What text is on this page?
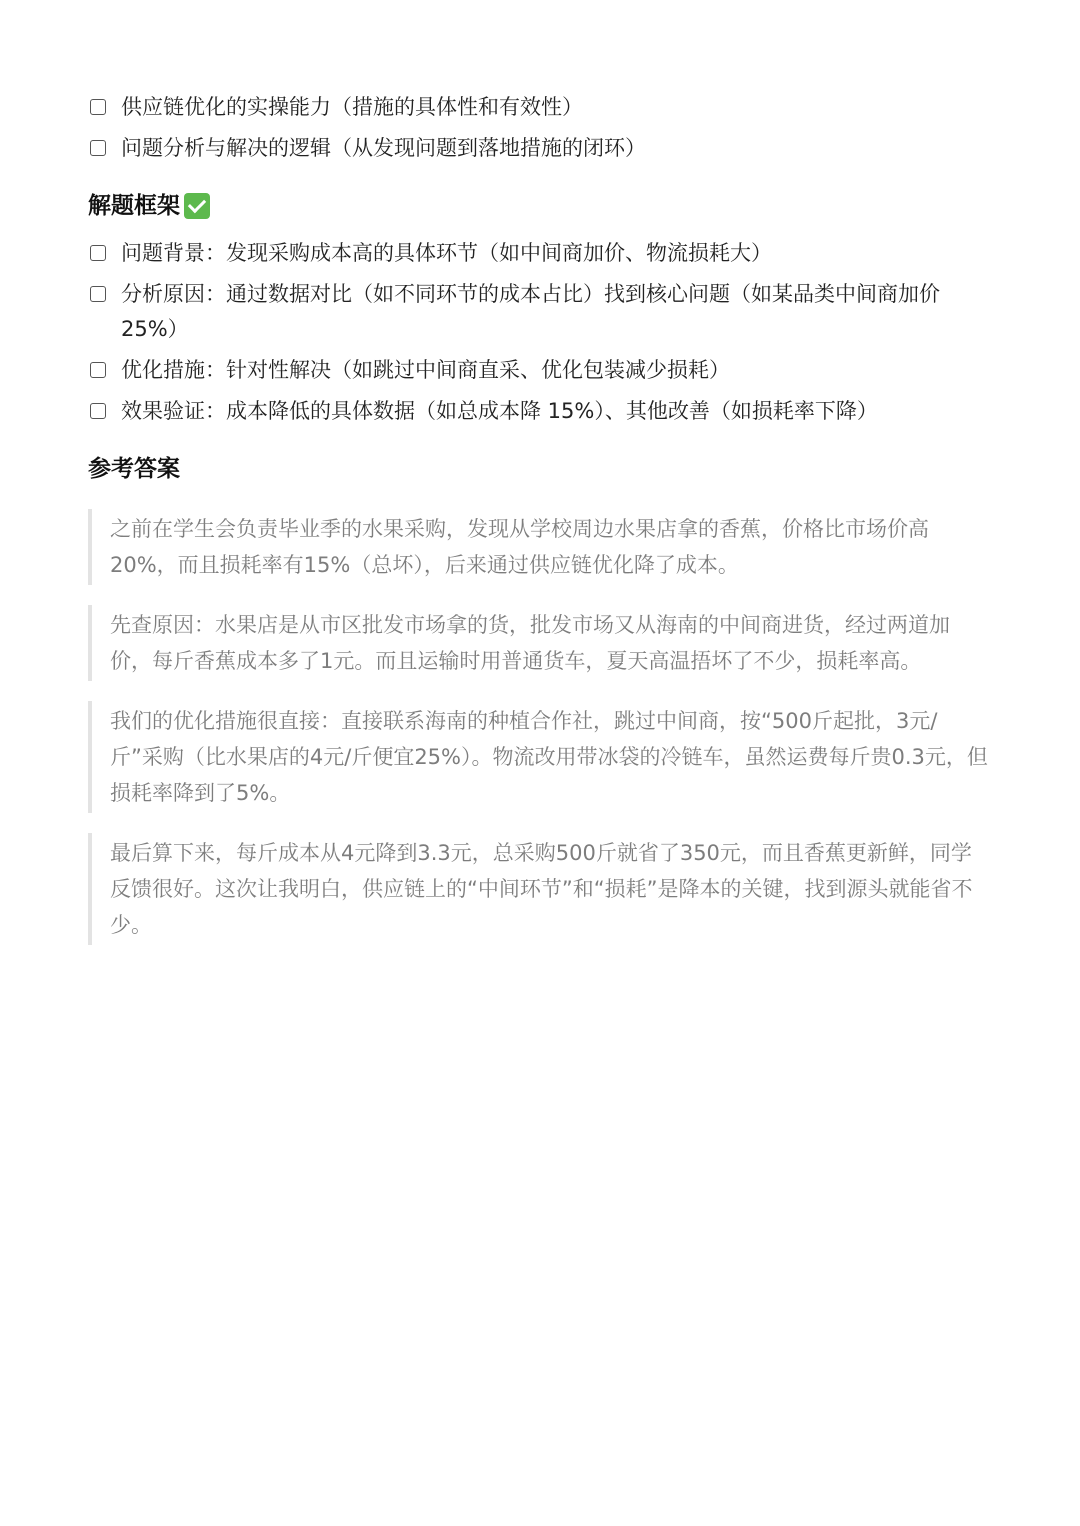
供应链优化的实操能力（措施的具体性和有效性）
问题分析与解决的逻辑（从发现问题到落地措施的闭环）
解题框架
问题背景：发现采购成本高的具体环节（如中间商加价、物流损耗大）
分析原因：通过数据对比（如不同环节的成本占比）找到核心问题（如某品类中间商加价25%）
优化措施：针对性解决（如跳过中间商直采、优化包装减少损耗）
效果验证：成本降低的具体数据（如总成本降 15%）、其他改善（如损耗率下降）
参考答案
之前在学生会负责毕业季的水果采购，发现从学校周边水果店拿的香蕉，价格比市场价高20%，而且损耗率有15%（总坏），后来通过供应链优化降了成本。
先查原因：水果店是从市区批发市场拿的货，批发市场又从海南的中间商进货，经过两道加价，每斤香蕉成本多了1元。而且运输时用普通货车，夏天高温捂坏了不少，损耗率高。
我们的优化措施很直接：直接联系海南的种植合作社，跳过中间商，按“500斤起批，3元/斤”采购（比水果店的4元/斤便宜25%）。物流改用带冰袋的冷链车，虽然运费每斤贵0.3元，但损耗率降到了5%。
最后算下来，每斤成本从4元降到3.3元，总采购500斤就省了350元，而且香蕉更新鲜，同学反馈很好。这次让我明白，供应链上的“中间环节”和“损耗”是降本的关键，找到源头就能省不少。
